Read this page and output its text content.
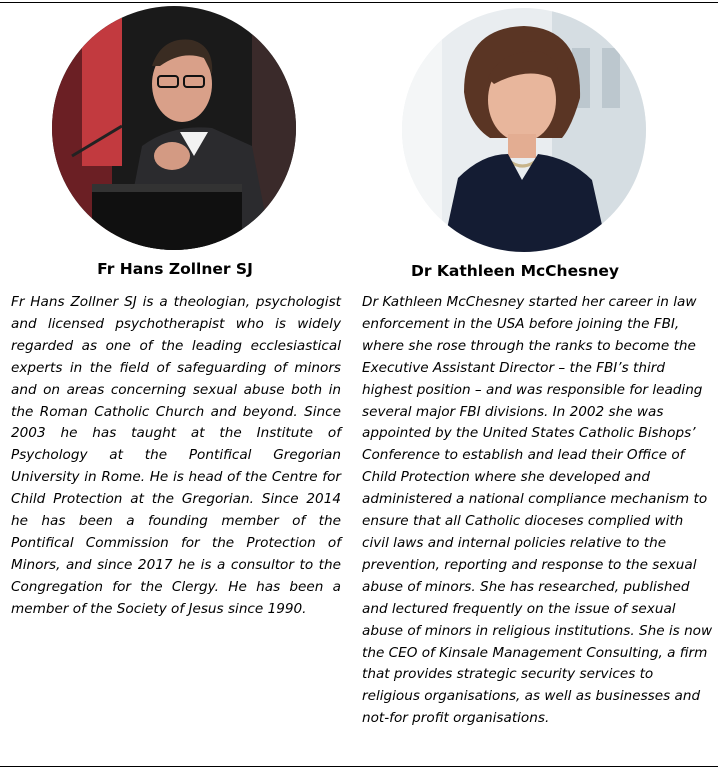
Fr Hans Zollner SJ

Fr Hans Zollner SJ is a theologian, psychologist and licensed psychotherapist who is widely regarded as one of the leading ecclesiastical experts in the field of safeguarding of minors and on areas concerning sexual abuse both in the Roman Catholic Church and beyond. Since 2003 he has taught at the Institute of Psychology at the Pontifical Gregorian University in Rome. He is head of the Centre for Child Protection at the Gregorian. Since 2014 he has been a founding member of the Pontifical Commission for the Protection of Minors, and since 2017 he is a consultor to the Congregation for the Clergy. He has been a member of the Society of Jesus since 1990.

Dr Kathleen McChesney

Dr Kathleen McChesney started her career in law enforcement in the USA before joining the FBI, where she rose through the ranks to become the Executive Assistant Director – the FBI’s third highest position – and was responsible for leading several major FBI divisions. In 2002 she was appointed by the United States Catholic Bishops’ Conference to establish and lead their Office of Child Protection where she developed and administered a national compliance mechanism to ensure that all Catholic dioceses complied with civil laws and internal policies relative to the prevention, reporting and response to the sexual abuse of minors. She has researched, published and lectured frequently on the issue of sexual abuse of minors in religious institutions. She is now the CEO of Kinsale Management Consulting, a firm that provides strategic security services to religious organisations, as well as businesses and not-for profit organisations.
